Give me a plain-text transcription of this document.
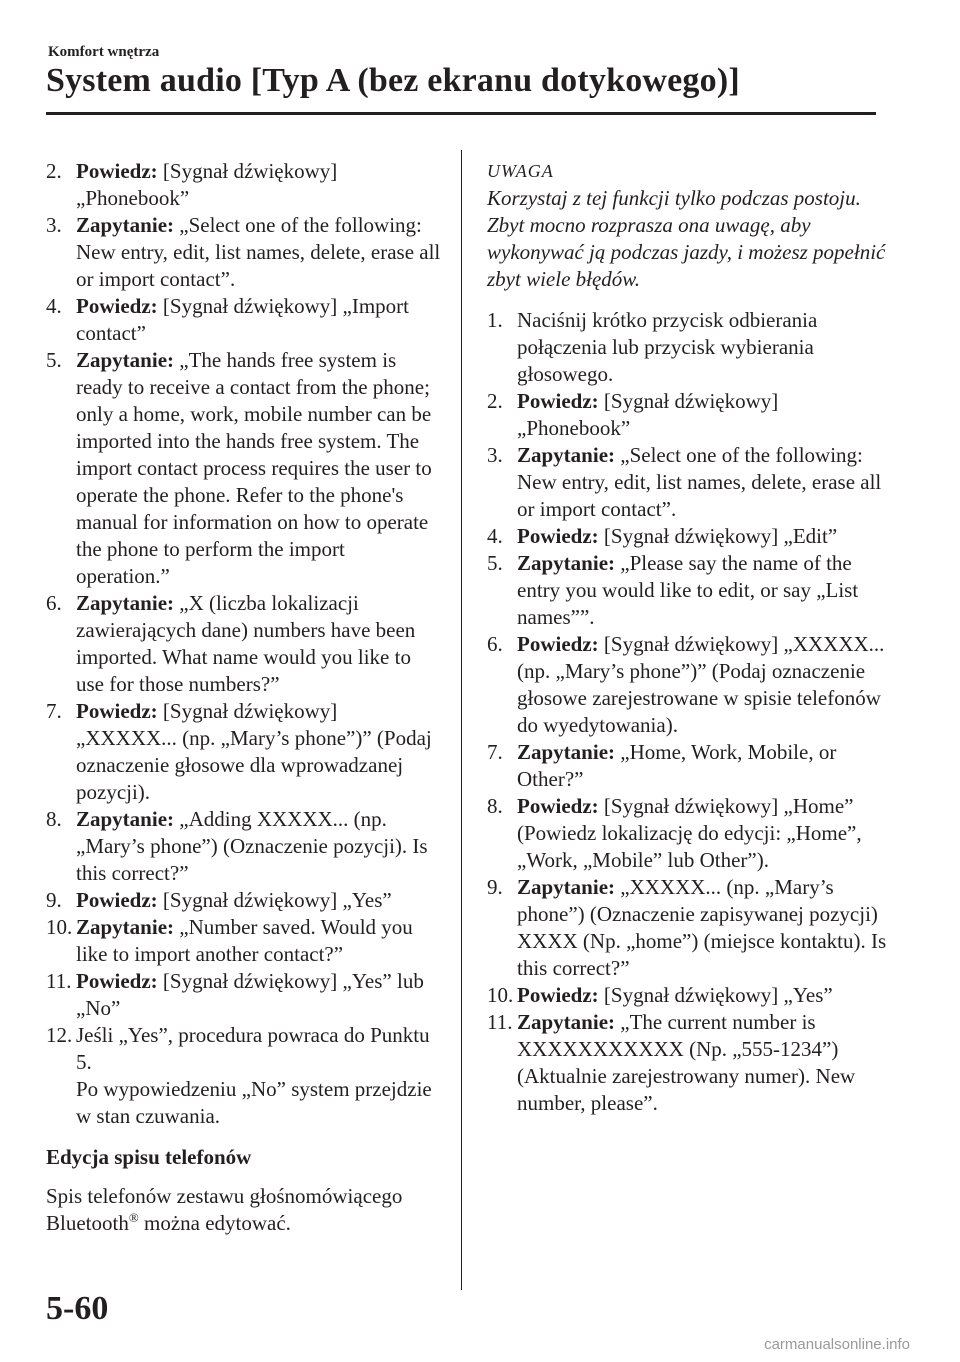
Komfort wnętrza
System audio [Typ A (bez ekranu dotykowego)]
2. Powiedz: [Sygnał dźwiękowy] „Phonebook”
3. Zapytanie: „Select one of the following: New entry, edit, list names, delete, erase all or import contact”.
4. Powiedz: [Sygnał dźwiękowy] „Import contact”
5. Zapytanie: „The hands free system is ready to receive a contact from the phone; only a home, work, mobile number can be imported into the hands free system. The import contact process requires the user to operate the phone. Refer to the phone's manual for information on how to operate the phone to perform the import operation.”
6. Zapytanie: „X (liczba lokalizacji zawierających dane) numbers have been imported. What name would you like to use for those numbers?”
7. Powiedz: [Sygnał dźwiękowy] „XXXXX... (np. „Mary’s phone”)” (Podaj oznaczenie głosowe dla wprowadzanej pozycji).
8. Zapytanie: „Adding XXXXX... (np. „Mary’s phone”) (Oznaczenie pozycji). Is this correct?”
9. Powiedz: [Sygnał dźwiękowy] „Yes”
10. Zapytanie: „Number saved. Would you like to import another contact?”
11. Powiedz: [Sygnał dźwiękowy] „Yes” lub „No”
12. Jeśli „Yes”, procedura powraca do Punktu 5.
Po wypowiedzeniu „No” system przejdzie w stan czuwania.
Edycja spisu telefonów
Spis telefonów zestawu głośnomówiącego Bluetooth® można edytować.
UWAGA
Korzystaj z tej funkcji tylko podczas postoju. Zbyt mocno rozprasza ona uwagę, aby wykonywać ją podczas jazdy, i możesz popełnić zbyt wiele błędów.
1. Naciśnij krótko przycisk odbierania połączenia lub przycisk wybierania głosowego.
2. Powiedz: [Sygnał dźwiękowy] „Phonebook”
3. Zapytanie: „Select one of the following: New entry, edit, list names, delete, erase all or import contact”.
4. Powiedz: [Sygnał dźwiękowy] „Edit”
5. Zapytanie: „Please say the name of the entry you would like to edit, or say „List names””.
6. Powiedz: [Sygnał dźwiękowy] „XXXXX... (np. „Mary’s phone”)” (Podaj oznaczenie głosowe zarejestrowane w spisie telefonów do wyedytowania).
7. Zapytanie: „Home, Work, Mobile, or Other?”
8. Powiedz: [Sygnał dźwiękowy] „Home” (Powiedz lokalizację do edycji: „Home”, „Work, „Mobile” lub Other”).
9. Zapytanie: „XXXXX... (np. „Mary’s phone”) (Oznaczenie zapisywanej pozycji) XXXX (Np. „home”) (miejsce kontaktu). Is this correct?”
10. Powiedz: [Sygnał dźwiękowy] „Yes”
11. Zapytanie: „The current number is XXXXXXXXXXX (Np. „555-1234”) (Aktualnie zarejestrowany numer). New number, please”.
5-60
carmanualsonline.info
